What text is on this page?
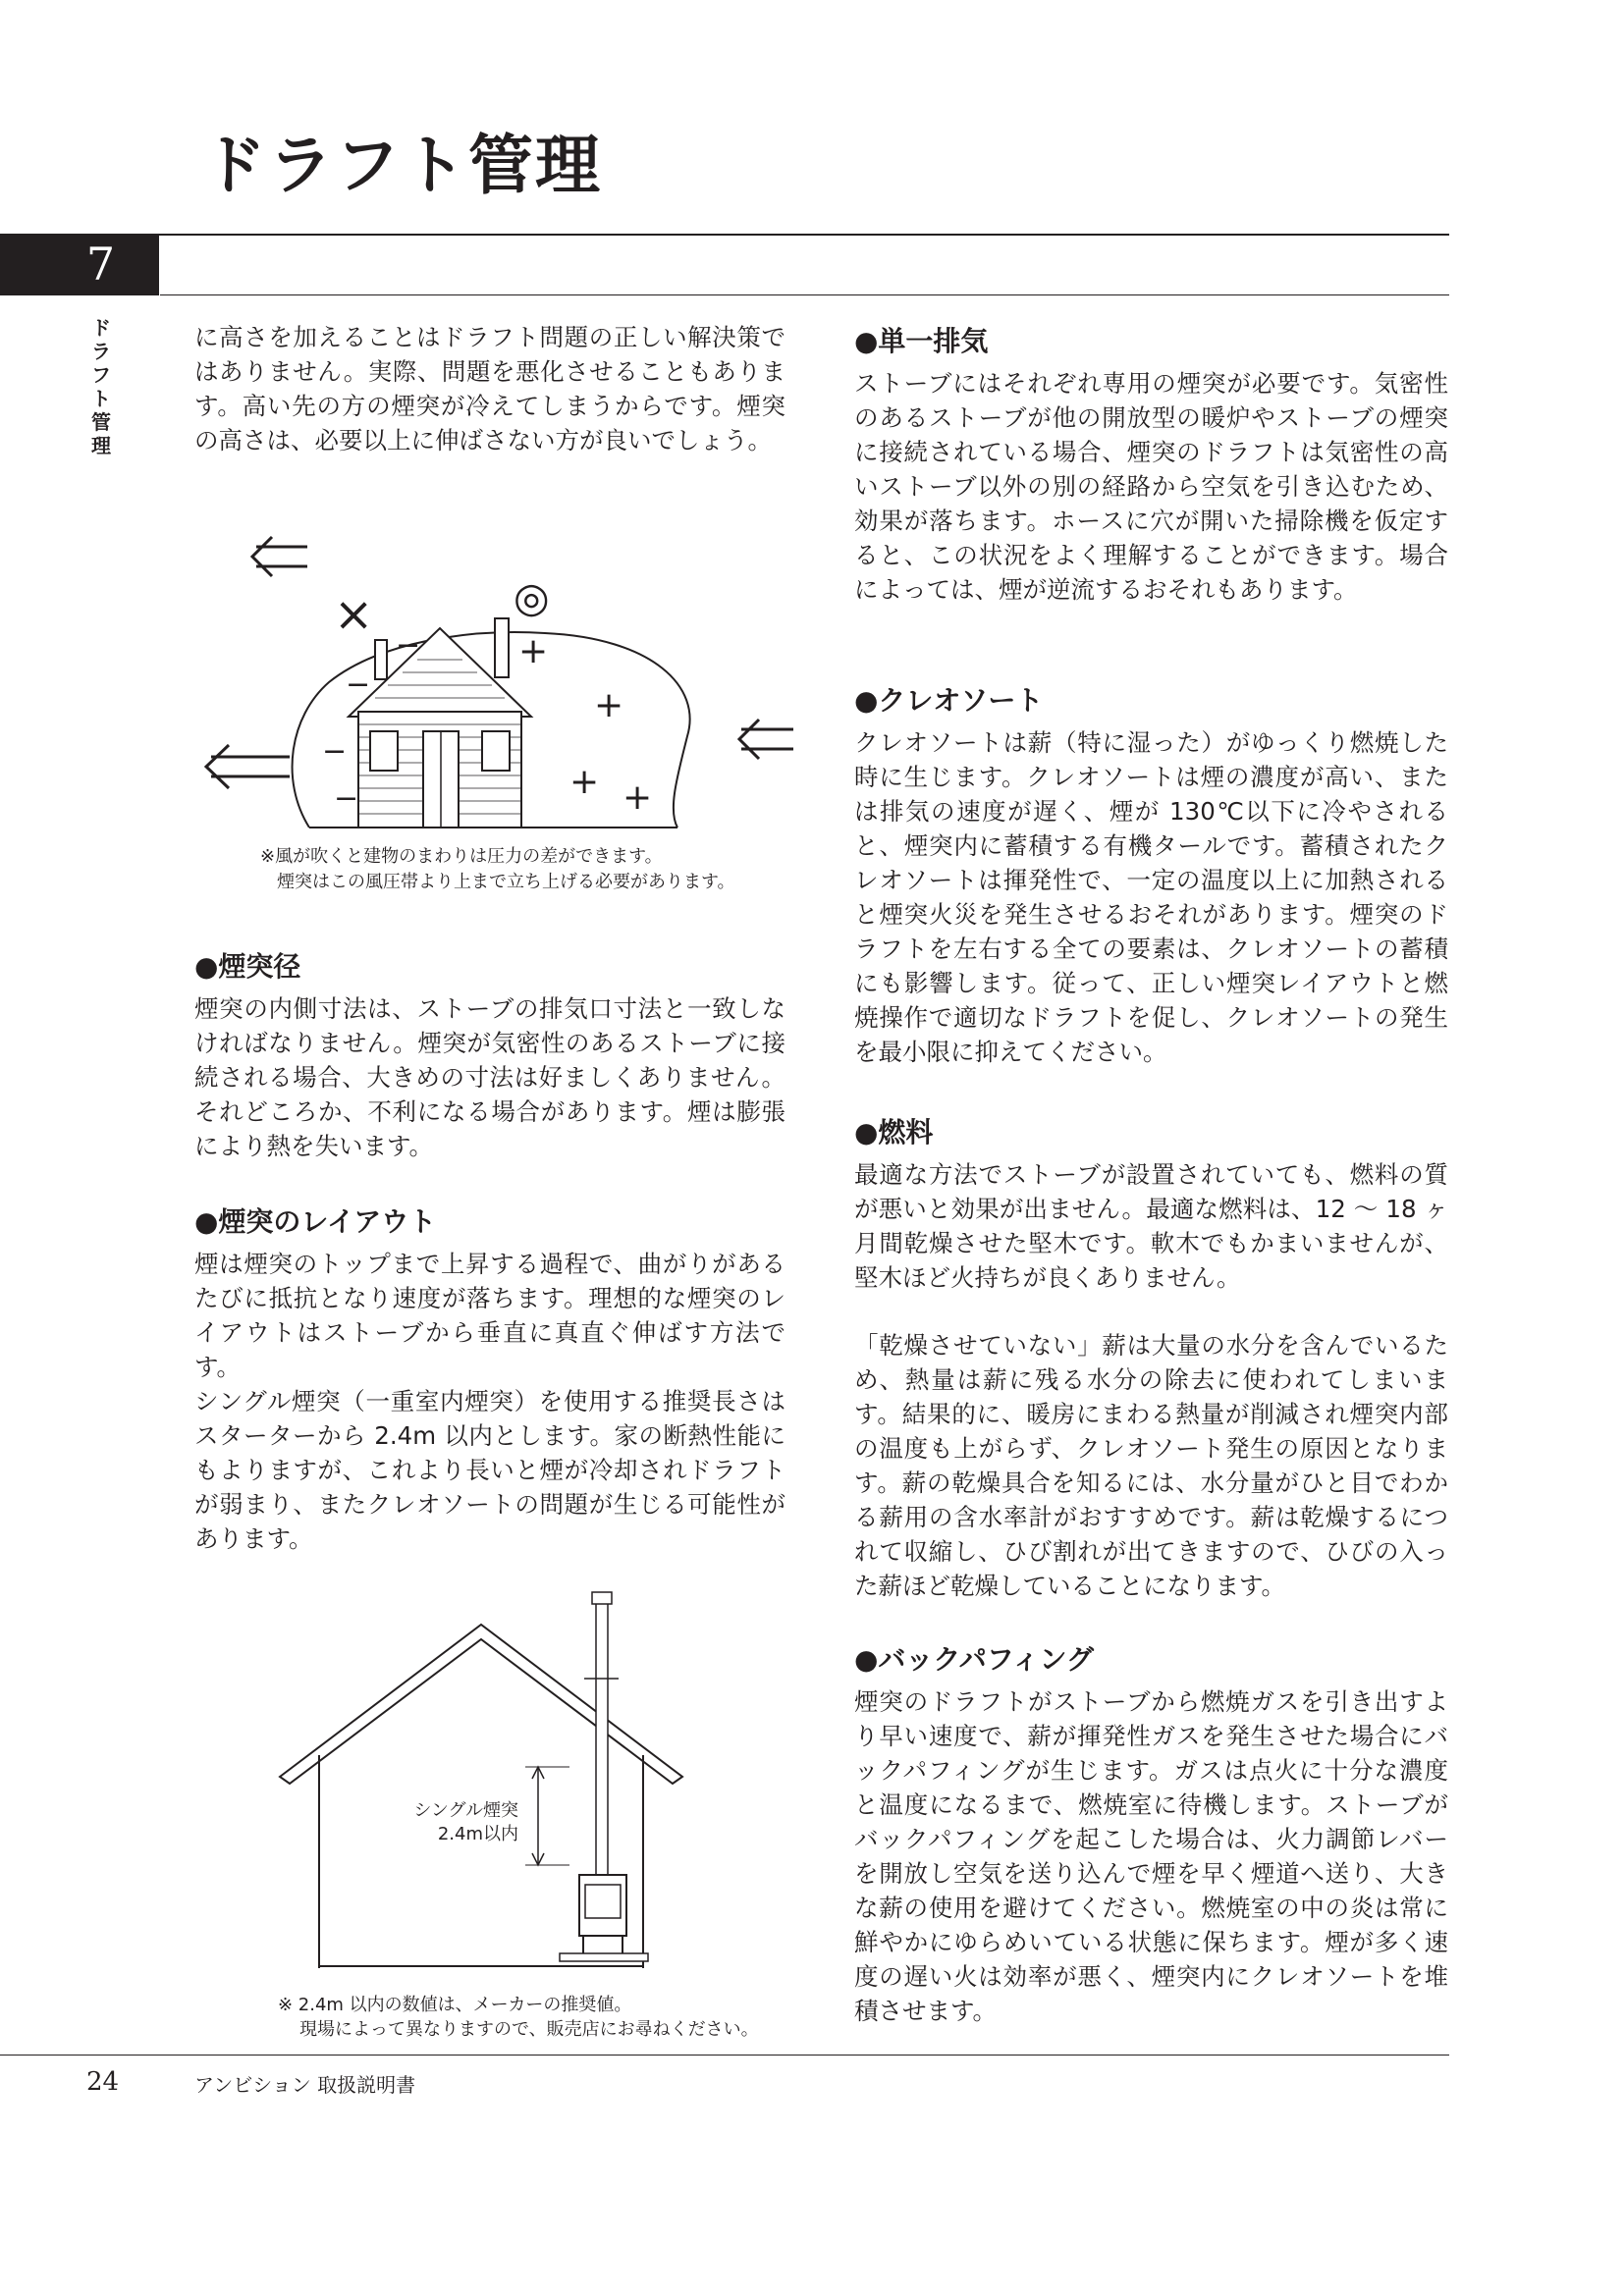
ドラフト管理
7
ドラフト管理
に高さを加えることはドラフト問題の正しい解決策ではありません。実際、問題を悪化させることもあります。高い先の方の煙突が冷えてしまうからです。煙突の高さは、必要以上に伸ばさない方が良いでしょう。
×	◎
−
−
−
−
+
+
+ +
※風が吹くと建物のまわりは圧力の差ができます。
煙突はこの風圧帯より上まで立ち上げる必要があります。
●煙突径
煙突の内側寸法は、ストーブの排気口寸法と一致しなければなりません。煙突が気密性のあるストーブに接続される場合、大きめの寸法は好ましくありません。それどころか、不利になる場合があります。煙は膨張により熱を失います。
●煙突のレイアウト
煙は煙突のトップまで上昇する過程で、曲がりがあるたびに抵抗となり速度が落ちます。理想的な煙突のレイアウトはストーブから垂直に真直ぐ伸ばす方法です。
シングル煙突（一重室内煙突）を使用する推奨長さはスターターから 2.4m 以内とします。家の断熱性能にもよりますが、これより長いと煙が冷却されドラフトが弱まり、またクレオソートの問題が生じる可能性があります。
シングル煙突
2.4m以内
※ 2.4m 以内の数値は、メーカーの推奨値。
現場によって異なりますので、販売店にお尋ねください。
●単一排気
ストーブにはそれぞれ専用の煙突が必要です。気密性のあるストーブが他の開放型の暖炉やストーブの煙突に接続されている場合、煙突のドラフトは気密性の高いストーブ以外の別の経路から空気を引き込むため、効果が落ちます。ホースに穴が開いた掃除機を仮定すると、この状況をよく理解することができます。場合によっては、煙が逆流するおそれもあります。
●クレオソート
クレオソートは薪（特に湿った）がゆっくり燃焼した時に生じます。クレオソートは煙の濃度が高い、または排気の速度が遅く、煙が 130℃以下に冷やされると、煙突内に蓄積する有機タールです。蓄積されたクレオソートは揮発性で、一定の温度以上に加熱されると煙突火災を発生させるおそれがあります。煙突のドラフトを左右する全ての要素は、クレオソートの蓄積にも影響します。従って、正しい煙突レイアウトと燃焼操作で適切なドラフトを促し、クレオソートの発生を最小限に抑えてください。
●燃料
最適な方法でストーブが設置されていても、燃料の質が悪いと効果が出ません。最適な燃料は、12 〜 18 ヶ月間乾燥させた堅木です。軟木でもかまいませんが、堅木ほど火持ちが良くありません。
「乾燥させていない」薪は大量の水分を含んでいるため、熱量は薪に残る水分の除去に使われてしまいます。結果的に、暖房にまわる熱量が削減され煙突内部の温度も上がらず、クレオソート発生の原因となります。薪の乾燥具合を知るには、水分量がひと目でわかる薪用の含水率計がおすすめです。薪は乾燥するにつれて収縮し、ひび割れが出てきますので、ひびの入った薪ほど乾燥していることになります。
●バックパフィング
煙突のドラフトがストーブから燃焼ガスを引き出すより早い速度で、薪が揮発性ガスを発生させた場合にバックパフィングが生じます。ガスは点火に十分な濃度と温度になるまで、燃焼室に待機します。ストーブがバックパフィングを起こした場合は、火力調節レバーを開放し空気を送り込んで煙を早く煙道へ送り、大きな薪の使用を避けてください。燃焼室の中の炎は常に鮮やかにゆらめいている状態に保ちます。煙が多く速度の遅い火は効率が悪く、煙突内にクレオソートを堆積させます。
24	アンビション 取扱説明書
